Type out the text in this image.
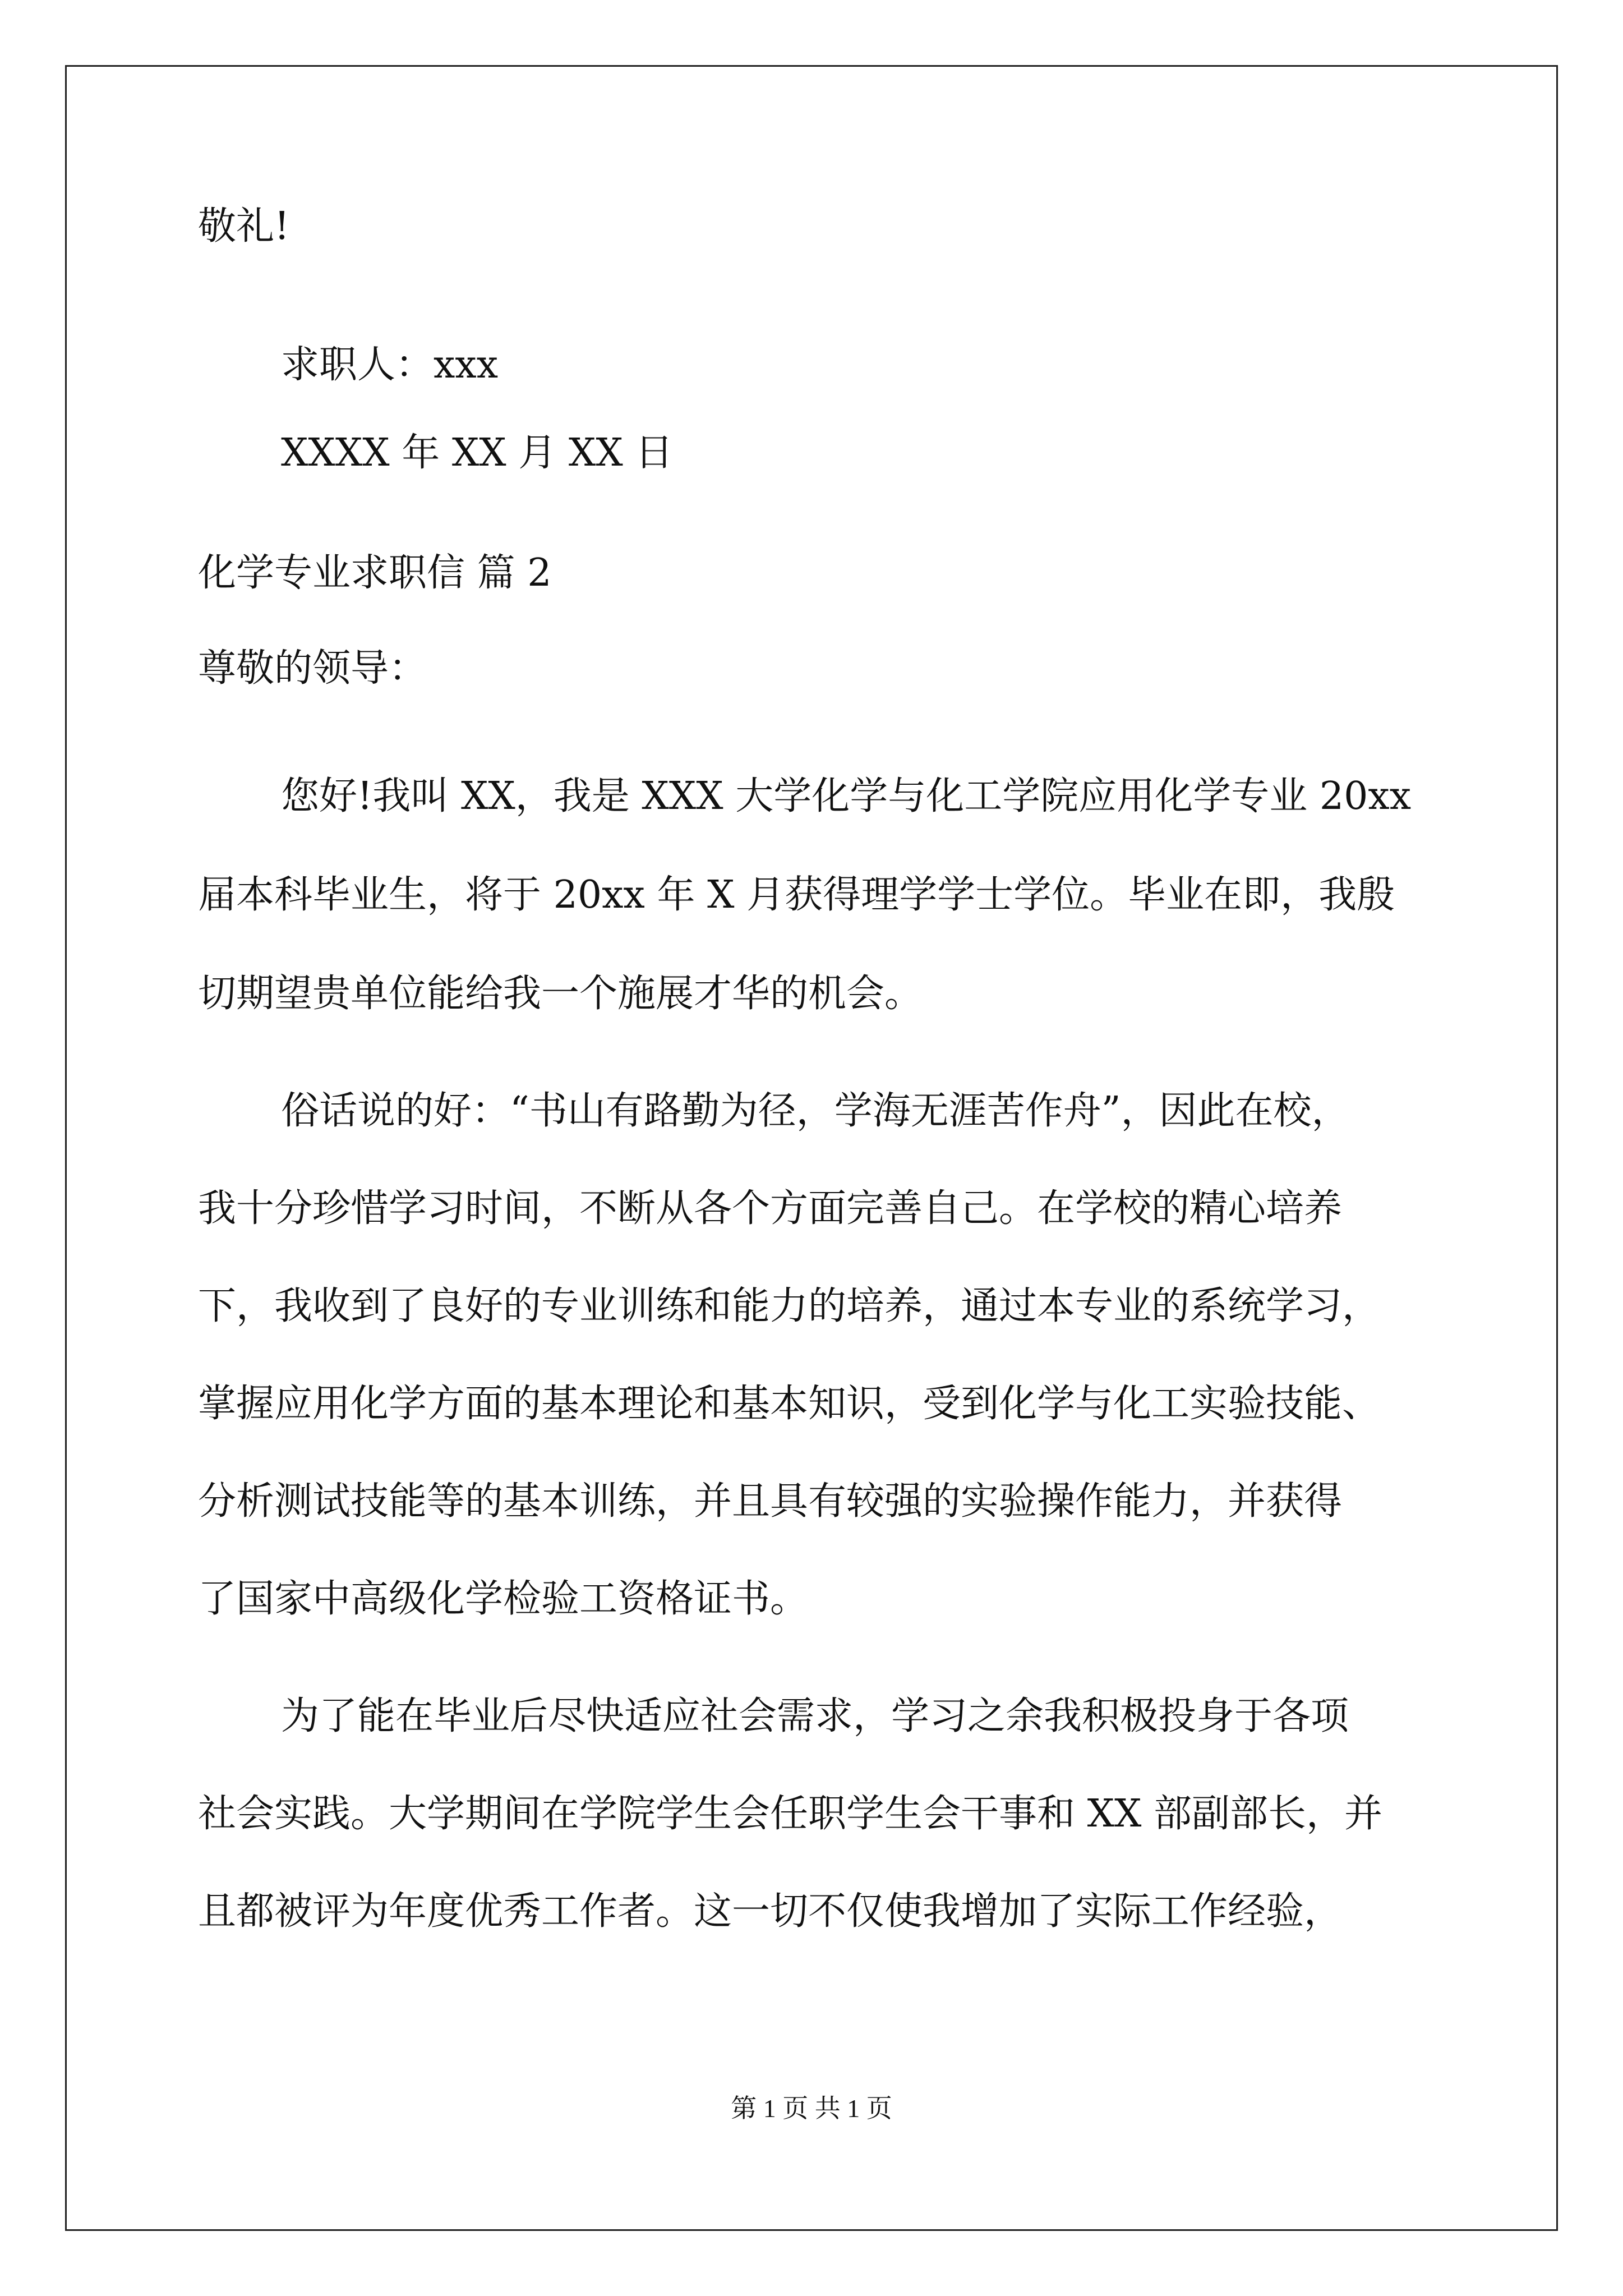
敬礼!
求职人：xxx
XXXX 年 XX 月 XX 日
化学专业求职信 篇 2
尊敬的领导：
您好!我叫 XX，我是 XXX 大学化学与化工学院应用化学专业 20xx
届本科毕业生，将于 20xx 年 X 月获得理学学士学位。毕业在即，我殷
切期望贵单位能给我一个施展才华的机会。
俗话说的好：“书山有路勤为径，学海无涯苦作舟”，因此在校，
我十分珍惜学习时间，不断从各个方面完善自己。在学校的精心培养
下，我收到了良好的专业训练和能力的培养，通过本专业的系统学习，
掌握应用化学方面的基本理论和基本知识，受到化学与化工实验技能、
分析测试技能等的基本训练，并且具有较强的实验操作能力，并获得
了国家中高级化学检验工资格证书。
为了能在毕业后尽快适应社会需求，学习之余我积极投身于各项
社会实践。大学期间在学院学生会任职学生会干事和 XX 部副部长，并
且都被评为年度优秀工作者。这一切不仅使我增加了实际工作经验，
第 1 页 共 1 页
